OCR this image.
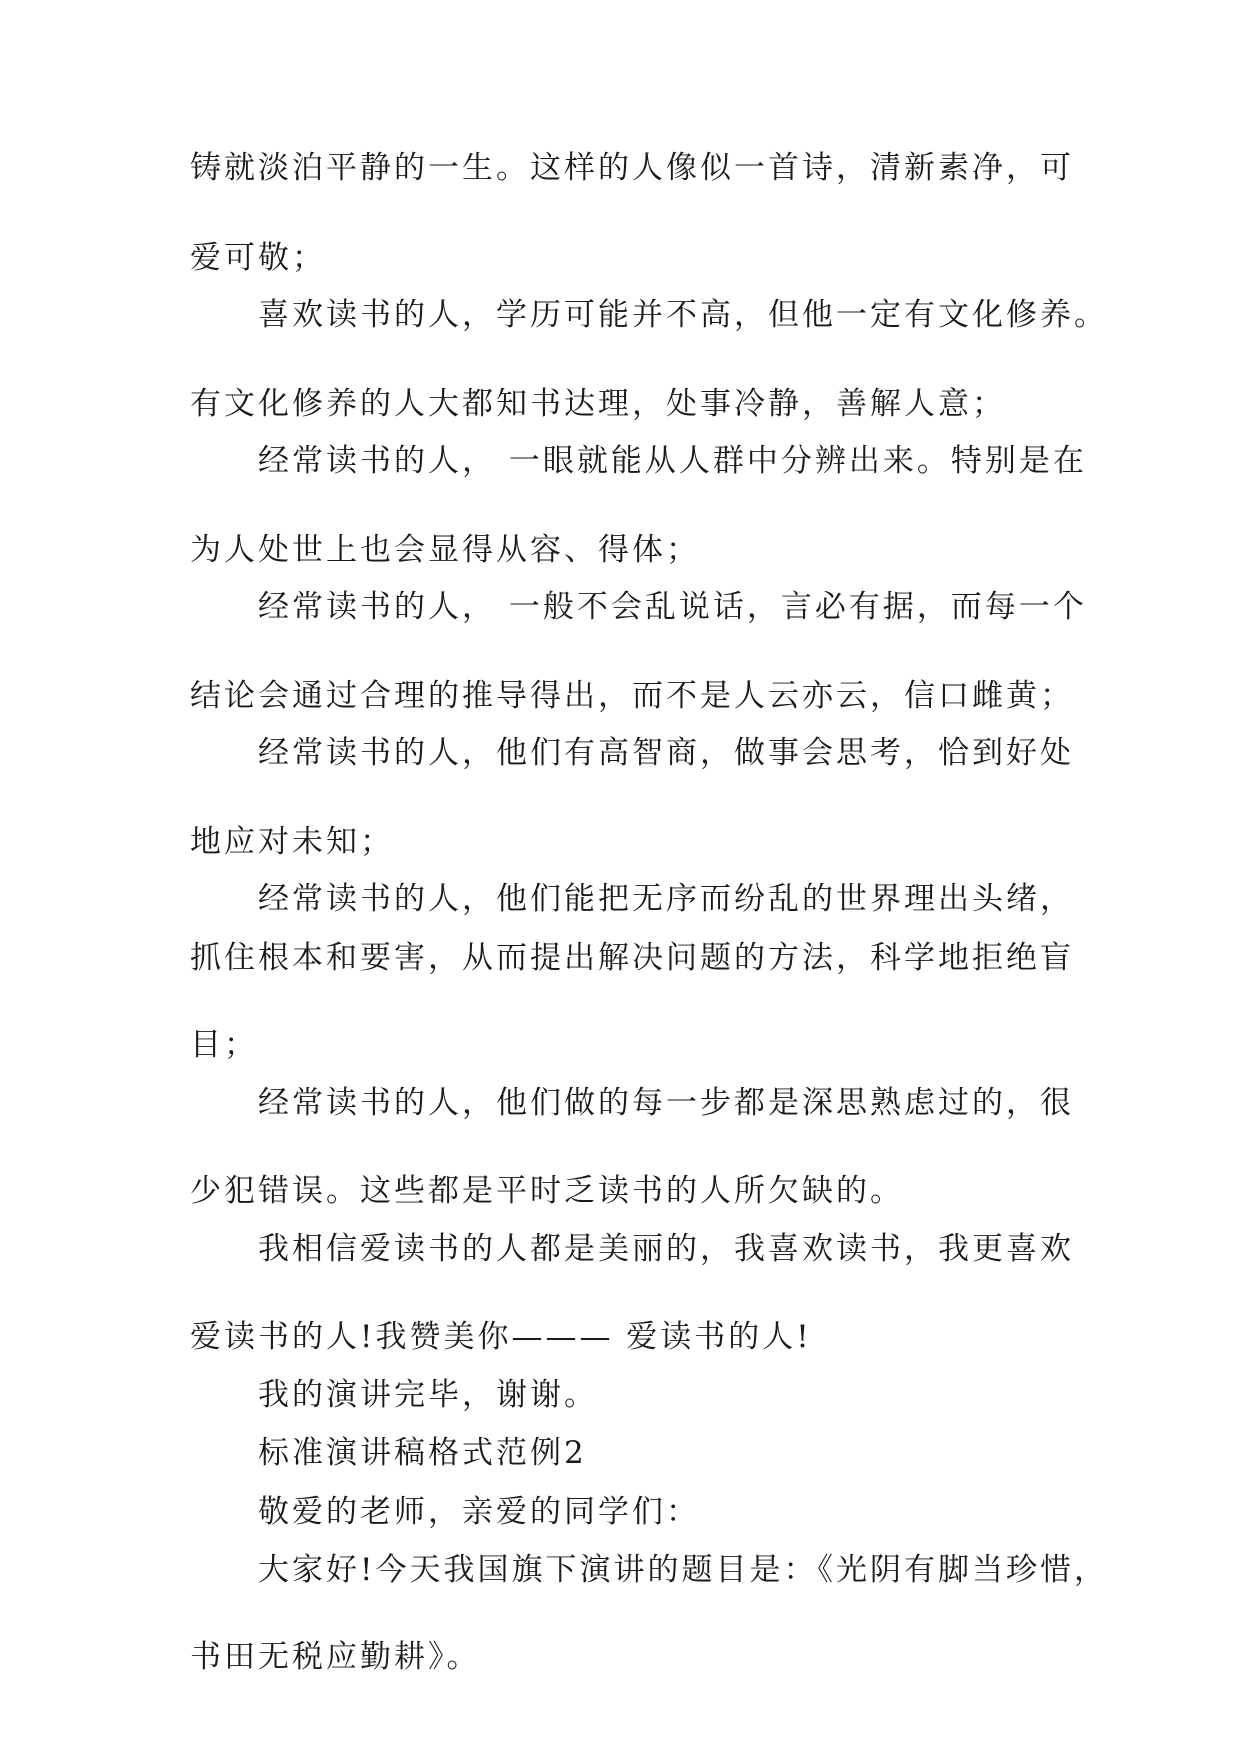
铸就淡泊平静的一生。这样的人像似一首诗，清新素净，可
爱可敬；
喜欢读书的人，学历可能并不高，但他一定有文化修养。
有文化修养的人大都知书达理，处事冷静，善解人意；
经常读书的人， 一眼就能从人群中分辨出来。特别是在
为人处世上也会显得从容、得体；
经常读书的人， 一般不会乱说话，言必有据，而每一个
结论会通过合理的推导得出，而不是人云亦云，信口雌黄；
经常读书的人，他们有高智商，做事会思考，恰到好处
地应对未知；
经常读书的人，他们能把无序而纷乱的世界理出头绪，
抓住根本和要害，从而提出解决问题的方法，科学地拒绝盲
目；
经常读书的人，他们做的每一步都是深思熟虑过的，很
少犯错误。这些都是平时乏读书的人所欠缺的。
我相信爱读书的人都是美丽的，我喜欢读书，我更喜欢
爱读书的人!我赞美你——— 爱读书的人!
我的演讲完毕，谢谢。
标准演讲稿格式范例2
敬爱的老师，亲爱的同学们：
大家好!今天我国旗下演讲的题目是：《光阴有脚当珍惜，
书田无税应勤耕》。
